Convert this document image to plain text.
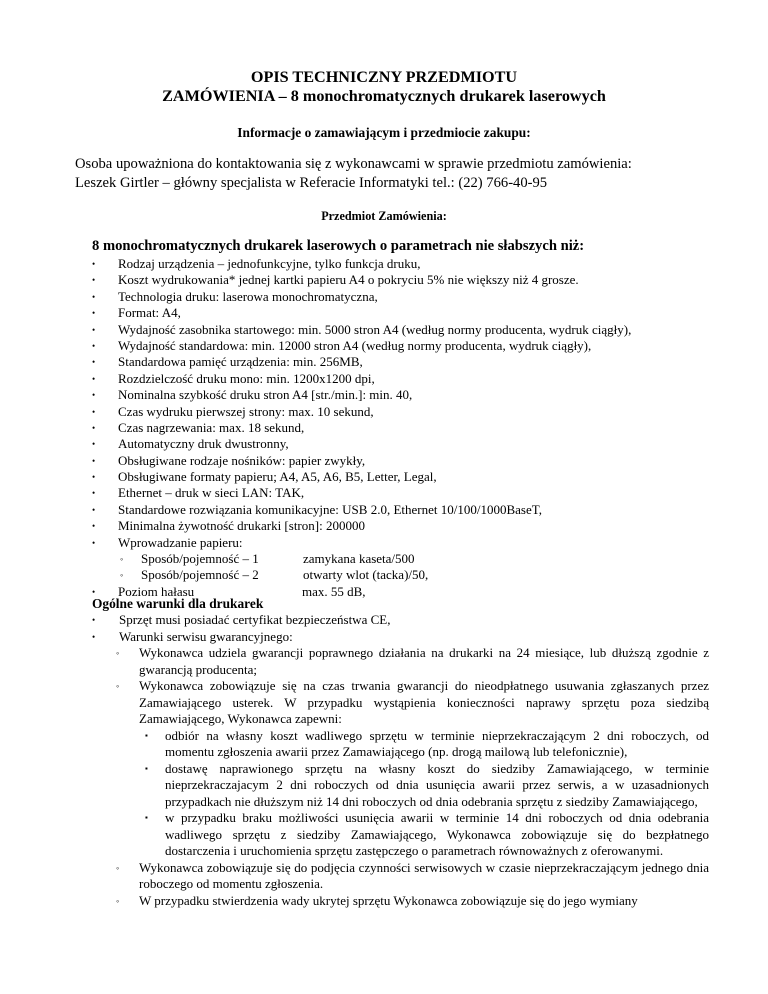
OPIS TECHNICZNY PRZEDMIOTU
ZAMÓWIENIA – 8 monochromatycznych drukarek laserowych
Informacje o zamawiającym i przedmiocie zakupu:
Osoba upoważniona do kontaktowania się z wykonawcami w sprawie przedmiotu zamówienia:
Leszek Girtler – główny specjalista w Referacie Informatyki tel.: (22) 766-40-95
Przedmiot Zamówienia:
8 monochromatycznych drukarek laserowych o parametrach nie słabszych niż:
• Rodzaj urządzenia – jednofunkcyjne, tylko funkcja druku,
• Koszt wydrukowania* jednej kartki papieru A4 o pokryciu 5% nie większy niż 4 grosze.
• Technologia druku: laserowa monochromatyczna,
• Format: A4,
• Wydajność zasobnika startowego: min. 5000 stron A4 (według normy producenta, wydruk ciągły),
• Wydajność standardowa: min. 12000 stron A4 (według normy producenta, wydruk ciągły),
• Standardowa pamięć urządzenia: min. 256MB,
• Rozdzielczość druku mono: min. 1200x1200 dpi,
• Nominalna szybkość druku stron A4 [str./min.]: min. 40,
• Czas wydruku pierwszej strony: max. 10 sekund,
• Czas nagrzewania: max. 18 sekund,
• Automatyczny druk dwustronny,
• Obsługiwane rodzaje nośników: papier zwykły,
• Obsługiwane formaty papieru; A4, A5, A6, B5, Letter, Legal,
• Ethernet – druk w sieci LAN: TAK,
• Standardowe rozwiązania komunikacyjne: USB 2.0, Ethernet 10/100/1000BaseT,
• Minimalna żywotność drukarki [stron]: 200000
• Wprowadzanie papieru:
◦ Sposób/pojemność – 1	zamykana kaseta/500
◦ Sposób/pojemność – 2	otwarty wlot (tacka)/50,
• Poziom hałasu	max. 55 dB,
Ogólne warunki dla drukarek
• Sprzęt musi posiadać certyfikat bezpieczeństwa CE,
• Warunki serwisu gwarancyjnego:
◦ Wykonawca udziela gwarancji poprawnego działania na drukarki na 24 miesiące, lub dłuższą zgodnie z gwarancją producenta;
◦ Wykonawca zobowiązuje się na czas trwania gwarancji do nieodpłatnego usuwania zgłaszanych przez Zamawiającego usterek. W przypadku wystąpienia konieczności naprawy sprzętu poza siedzibą Zamawiającego, Wykonawca zapewni:
▪ odbiór na własny koszt wadliwego sprzętu w terminie nieprzekraczającym 2 dni roboczych, od momentu zgłoszenia awarii przez Zamawiającego (np. drogą mailową lub telefonicznie),
▪ dostawę naprawionego sprzętu na własny koszt do siedziby Zamawiającego, w terminie nieprzekraczajacym 2 dni roboczych od dnia usunięcia awarii przez serwis, a w uzasadnionych przypadkach nie dłuższym niż 14 dni roboczych od dnia odebrania sprzętu z siedziby Zamawiającego,
▪ w przypadku braku możliwości usunięcia awarii w terminie 14 dni roboczych od dnia odebrania wadliwego sprzętu z siedziby Zamawiającego, Wykonawca zobowiązuje się do bezpłatnego dostarczenia i uruchomienia sprzętu zastępczego o parametrach równoważnych z oferowanymi.
◦ Wykonawca zobowiązuje się do podjęcia czynności serwisowych w czasie nieprzekraczającym jednego dnia roboczego od momentu zgłoszenia.
◦ W przypadku stwierdzenia wady ukrytej sprzętu Wykonawca zobowiązuje się do jego wymiany
